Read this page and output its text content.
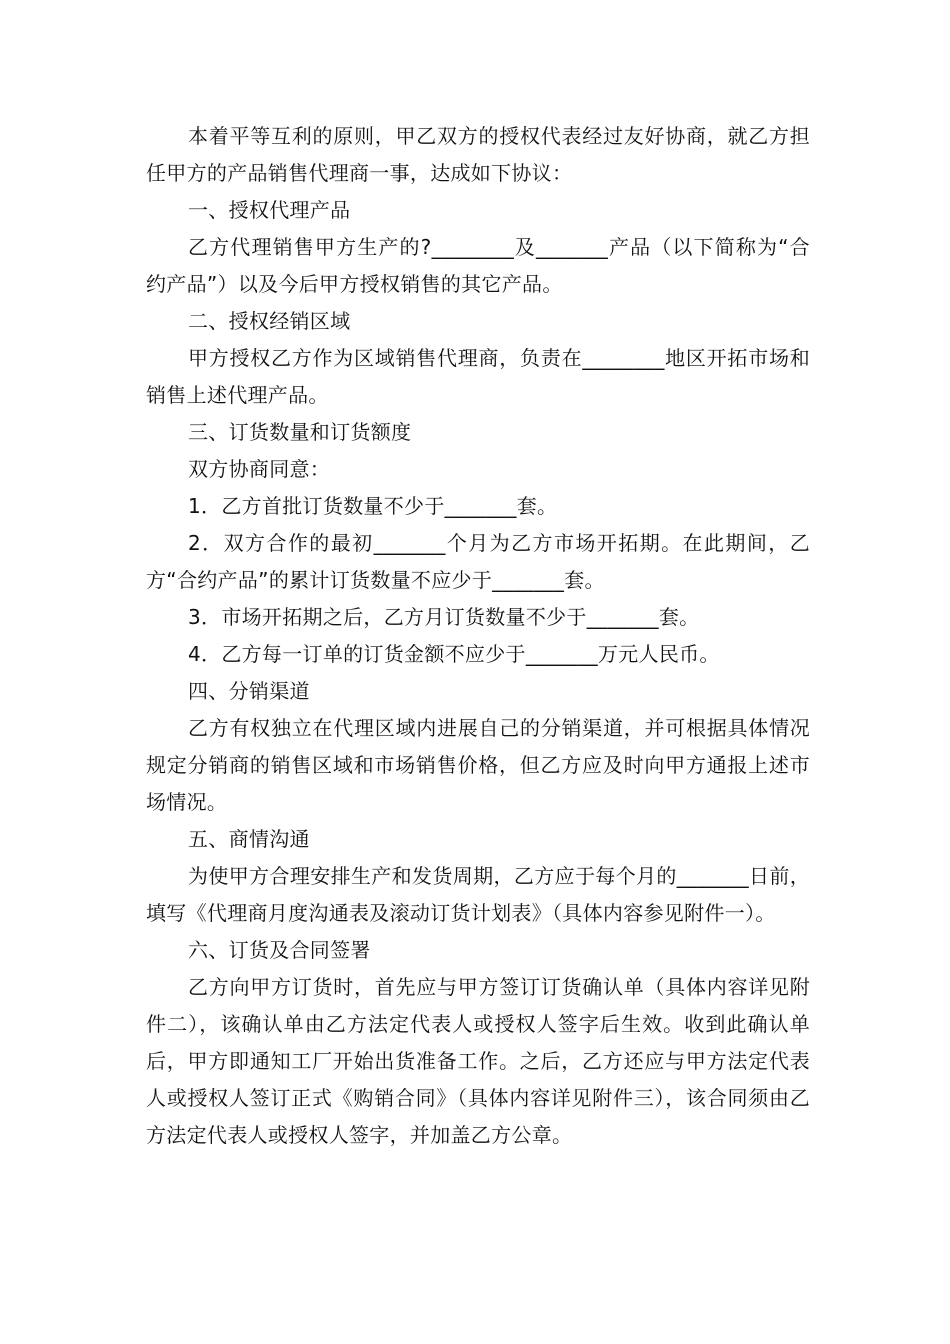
本着平等互利的原则，甲乙双方的授权代表经过友好协商，就乙方担任甲方的产品销售代理商一事，达成如下协议：

一、授权代理产品

乙方代理销售甲方生产的?________及_______产品（以下简称为“合约产品”）以及今后甲方授权销售的其它产品。

二、授权经销区域

甲方授权乙方作为区域销售代理商，负责在________地区开拓市场和销售上述代理产品。

三、订货数量和订货额度

双方协商同意：

1．乙方首批订货数量不少于_______套。

2．双方合作的最初_______个月为乙方市场开拓期。在此期间，乙方“合约产品”的累计订货数量不应少于_______套。

3．市场开拓期之后，乙方月订货数量不少于_______套。

4．乙方每一订单的订货金额不应少于_______万元人民币。

四、分销渠道

乙方有权独立在代理区域内进展自己的分销渠道，并可根据具体情况规定分销商的销售区域和市场销售价格，但乙方应及时向甲方通报上述市场情况。

五、商情沟通

为使甲方合理安排生产和发货周期，乙方应于每个月的_______日前，填写《代理商月度沟通表及滚动订货计划表》（具体内容参见附件一）。

六、订货及合同签署

乙方向甲方订货时，首先应与甲方签订订货确认单（具体内容详见附件二），该确认单由乙方法定代表人或授权人签字后生效。收到此确认单后，甲方即通知工厂开始出货准备工作。之后，乙方还应与甲方法定代表人或授权人签订正式《购销合同》（具体内容详见附件三），该合同须由乙方法定代表人或授权人签字，并加盖乙方公章。
